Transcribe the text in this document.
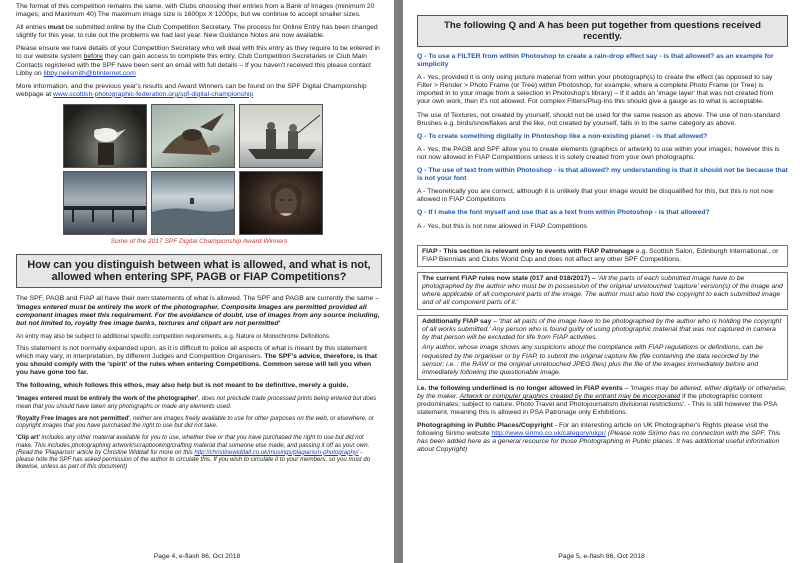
The format of this competition remains the same, with Clubs choosing their entries from a Bank of Images (minimum 20 images; and Maximum 40) The maximum image size is 1600px X 1200px, but we continue to accept smaller sizes.

All entries must be submitted online by the Club Competition Secretary. The process for Online Entry has been changed slightly for this year, to rule out the problems we had last year. New Guidance Notes are now available.

Please ensure we have details of your Competition Secretary who will deal with this entry as they require to be entered in to our website system before they can gain access to complete this entry. Club Competition Secretaries or Club Main Contacts registered with the SPF have been sent an email with full details – If you haven't received this please contact Libby on libby.neilsmith@btinternet.com

More information, and the previous year's results and Award Winners can be found on the SPF Digital Championship webpage at www.scottish-photographic-federation.org/spf-digital-championship

Some of the 2017 SPF Digital Championship Award Winners
How can you distinguish between what is allowed, and what is not, allowed when entering SPF, PAGB or FIAP Competitions?

The SPF, PAGB and FIAP all have their own statements of what is allowed. The SPF and PAGB are currently the same – 'Images entered must be entirely the work of the photographer. Composite Images are permitted provided all component images meet this requirement. For the avoidance of doubt, use of images from any source including, but not limited to, royalty free image banks, textures and clipart are not permitted'

An entry may also be subject to additional specific competition requirements, e.g. Nature or Monochrome Definitions.

This statement is not normally expanded upon, as it is difficult to police all aspects of what is meant by this statement which may vary, in interpretation, by different Judges and Competition Organisers. The SPF's advice, therefore, is that you should comply with the 'spirit' of the rules when entering Competitions. Common sense will tell you when you have gone too far.

The following, which follows this ethos, may also help but is not meant to be definitive, merely a guide.

'Images entered must be entirely the work of the photographer', does not preclude trade processed prints being entered but does mean that you should have taken any photographs or made any elements used.

'Royalty Free Images are not permitted', neither are images freely available to use for other purposes on the web, or elsewhere, or copyright images that you have purchased the right to use but did not take.

'Clip art' includes any other material available for you to use, whether free or that you have purchased the right to use but did not make. This includes photographing artwork/scrapbooking/crafting material that someone else made, and passing it off as your own. (Read the 'Plagiarism' article by Christine Widdall for more on this http://christinewiddall.co.uk/musings/plagiarism-photography/ - please note the SPF has asked permission of the author to circulate this. If you wish to circulate it to your members, so you must do likewise, unless as part of this document)

Page 4, e-flash 86, Oct 2018
The following Q and A has been put together from questions received recently.

Q - To use a FILTER from within Photoshop to create a rain-drop effect say - is that allowed? as an example for simplicity

A - Yes, provided it is only using picture material from within your photograph(s) to create the effect (as opposed to say Filter > Render > Photo Frame (or Tree) within Photoshop, for example, where a complete Photo Frame (or Tree) is imported in to your image from a selection in Photoshop's library) – If it adds an 'image layer' that was not created from your own work, then it's not allowed. For complex Filters/Plug-Ins this should give a gauge as to what is acceptable.

The use of Textures, not created by yourself, should not be used for the same reason as above. The use of non-standard Brushes e.g. birds/snowflakes and the like, not created by yourself, falls in to the same category as above.

Q - To create something digitally in Photoshop like a non-existing planet - is that allowed?

A - Yes, the PAGB and SPF allow you to create elements (graphics or artwork) to use within your images; however this is not now allowed in FIAP Competitions unless it is solely created from your own photographs.

Q - The use of text from within Photoshop - is that allowed? my understanding is that it should not be because that is not your font

A - Theoretically you are correct, although it is unlikely that your image would be disqualified for this, but this is not now allowed in FIAP Competitions

Q - If I make the font myself and use that as a text from within Photoshop - is that allowed?

A - Yes, but this is not now allowed in FIAP Competitions

FIAP - This section is relevant only to events with FIAP Patronage e.g. Scottish Salon, Edinburgh International.. or FIAP Biennials and Clubs World Cup and does not affect any other SPF Competitions.

The current FIAP rules now state (017 and 018/2017) – 'All the parts of each submitted image have to be photographed by the author who must be in possession of the original unretouched 'capture' version(s) of the image and where applicable of all component parts of the image. The author must also hold the copyright to each submitted image and of all component parts of it.'

Additionally FIAP say – 'that all parts of the image have to be photographed by the author who is holding the copyright of all works submitted.' Any person who is found guilty of using photographic material that was not captured in camera by that person will be excluded for life from FIAP activities.

Any author, whose image shows any suspicions about the compliance with FIAP regulations or definitions, can be requested by the organiser or by FIAP, to submit the original capture file (file containing the data recorded by the sensor; i.e. : the RAW or the original unretouched JPEG files) plus the file of the images immediately before and immediately following the questionable image.

i.e. the following underlined is no longer allowed in FIAP events – 'Images may be altered, either digitally or otherwise, by the maker. Artwork or computer graphics created by the entrant may be incorporated if the photographic content predominates; subject to nature, Photo Travel and Photojournalism divisional restrictions'. - This is still however the PSA statement, meaning this is allowed in PSA Patronage only Exhibitions.

Photographing in Public Places/Copyright - For an interesting article on UK Photographer's Rights please visit the following Sirimo website http://www.sirimo.co.uk/category/ukpr/ (Please note Sirimo has no connection with the SPF. This has been added here as a general resource for those Photographing in Public places. It has additional useful information about Copyright)

Page 5, e-flash 86, Oct 2018
